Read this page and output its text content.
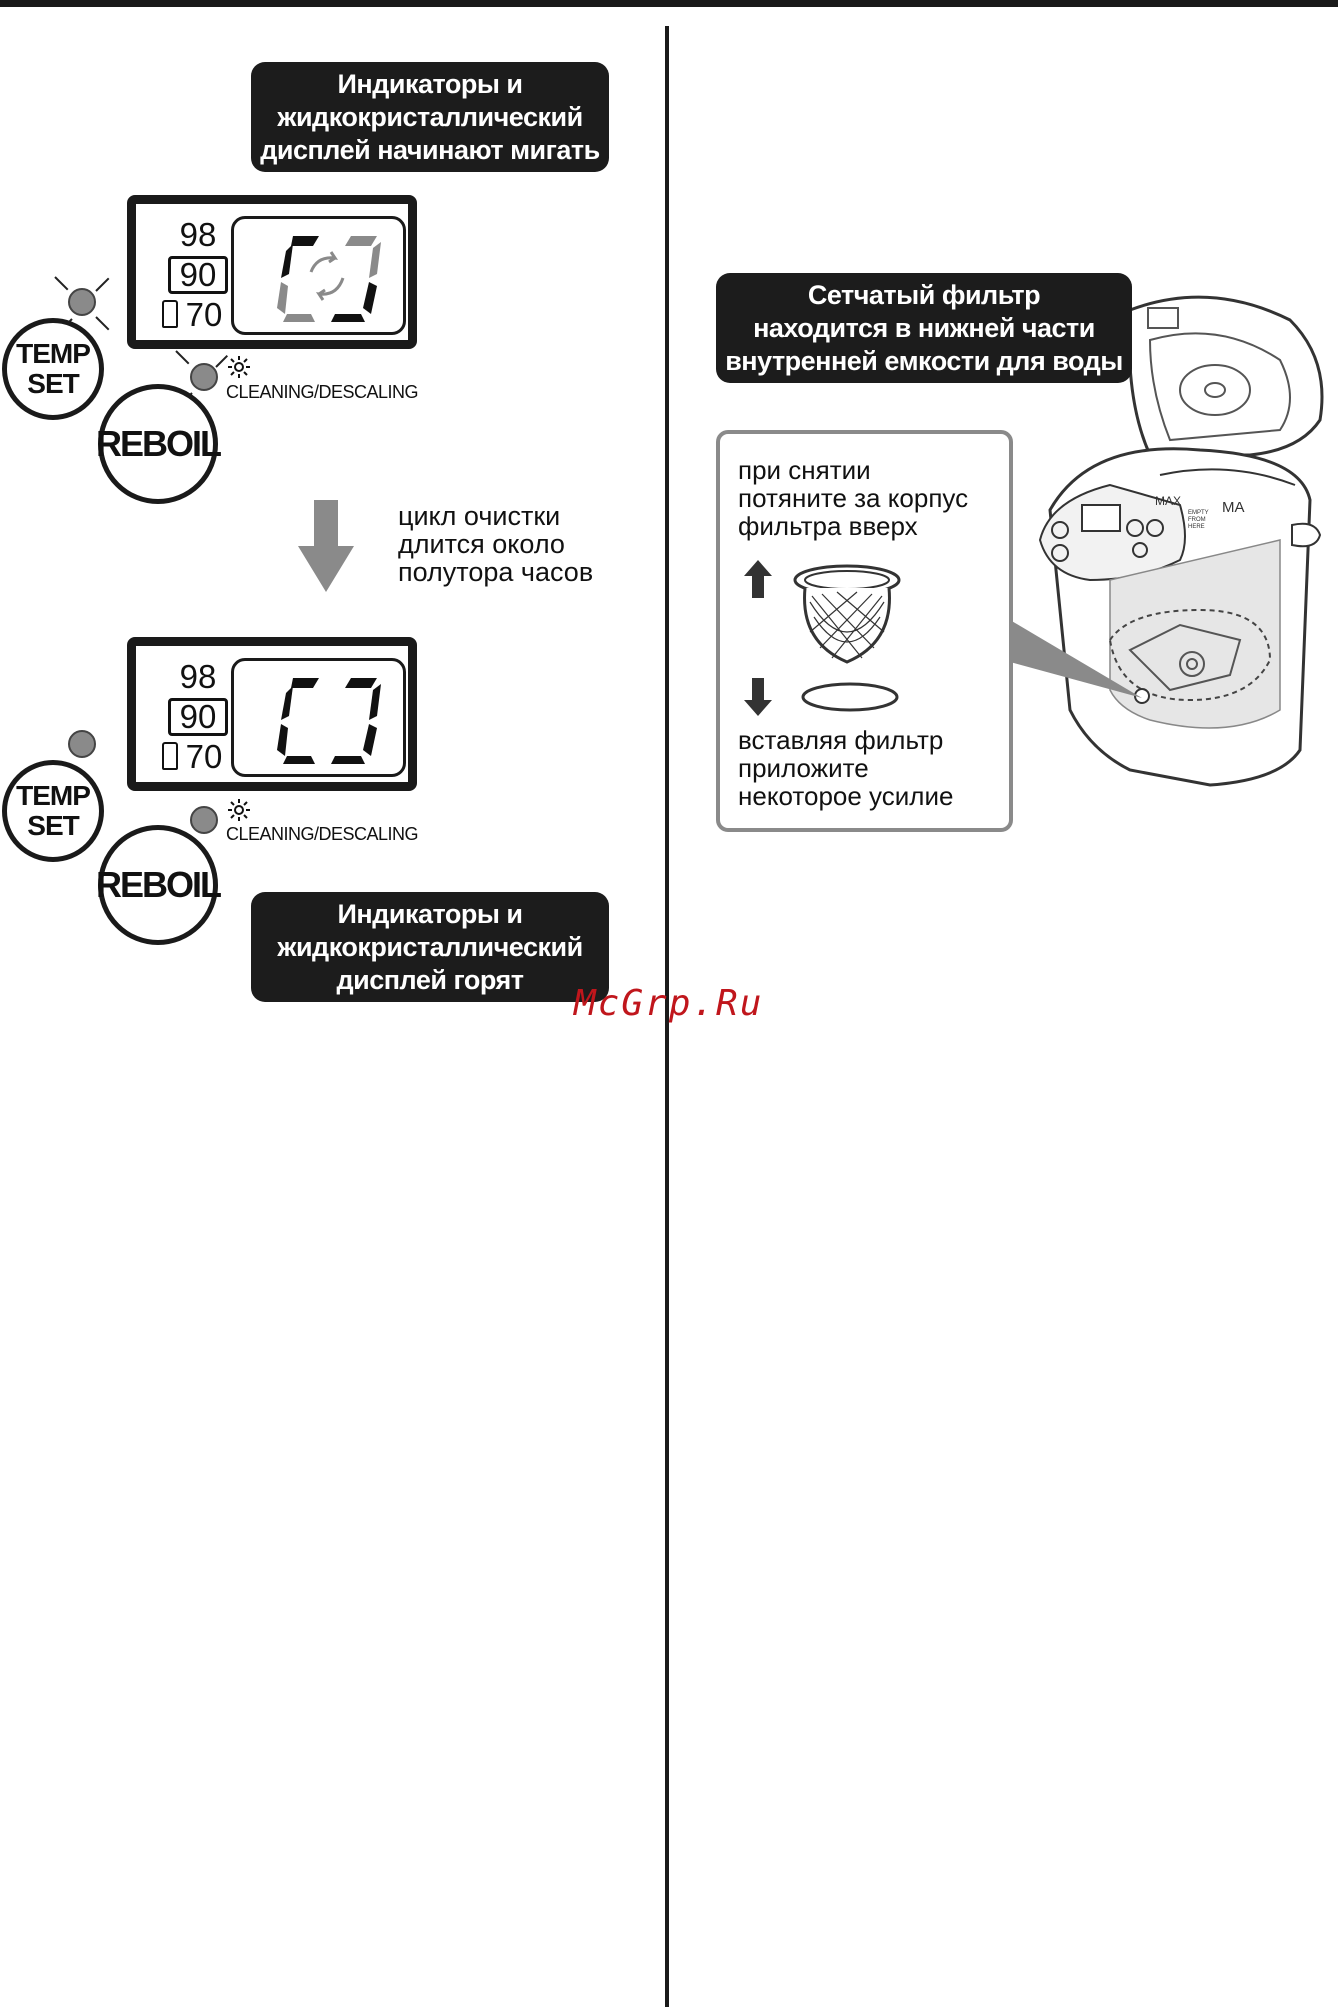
Индикаторы и
жидкокристаллический
дисплей начинают мигать
98
90
70
TEMP
SET	CLEANING/DESCALING
REBOIL
цикл очистки
длится около
полутора часов
98
90
70
TEMP
SET	CLEANING/DESCALING
REBOIL
Индикаторы и
жидкокристаллический
дисплей горят
MAX	MA
EMPTY
FROM
HERE
Сетчатый фильтр
находится в нижней части
внутренней емкости для воды
при снятии
потяните за корпус
фильтра вверх
вставляя фильтр
приложите
некоторое усилие
McGrp.Ru
